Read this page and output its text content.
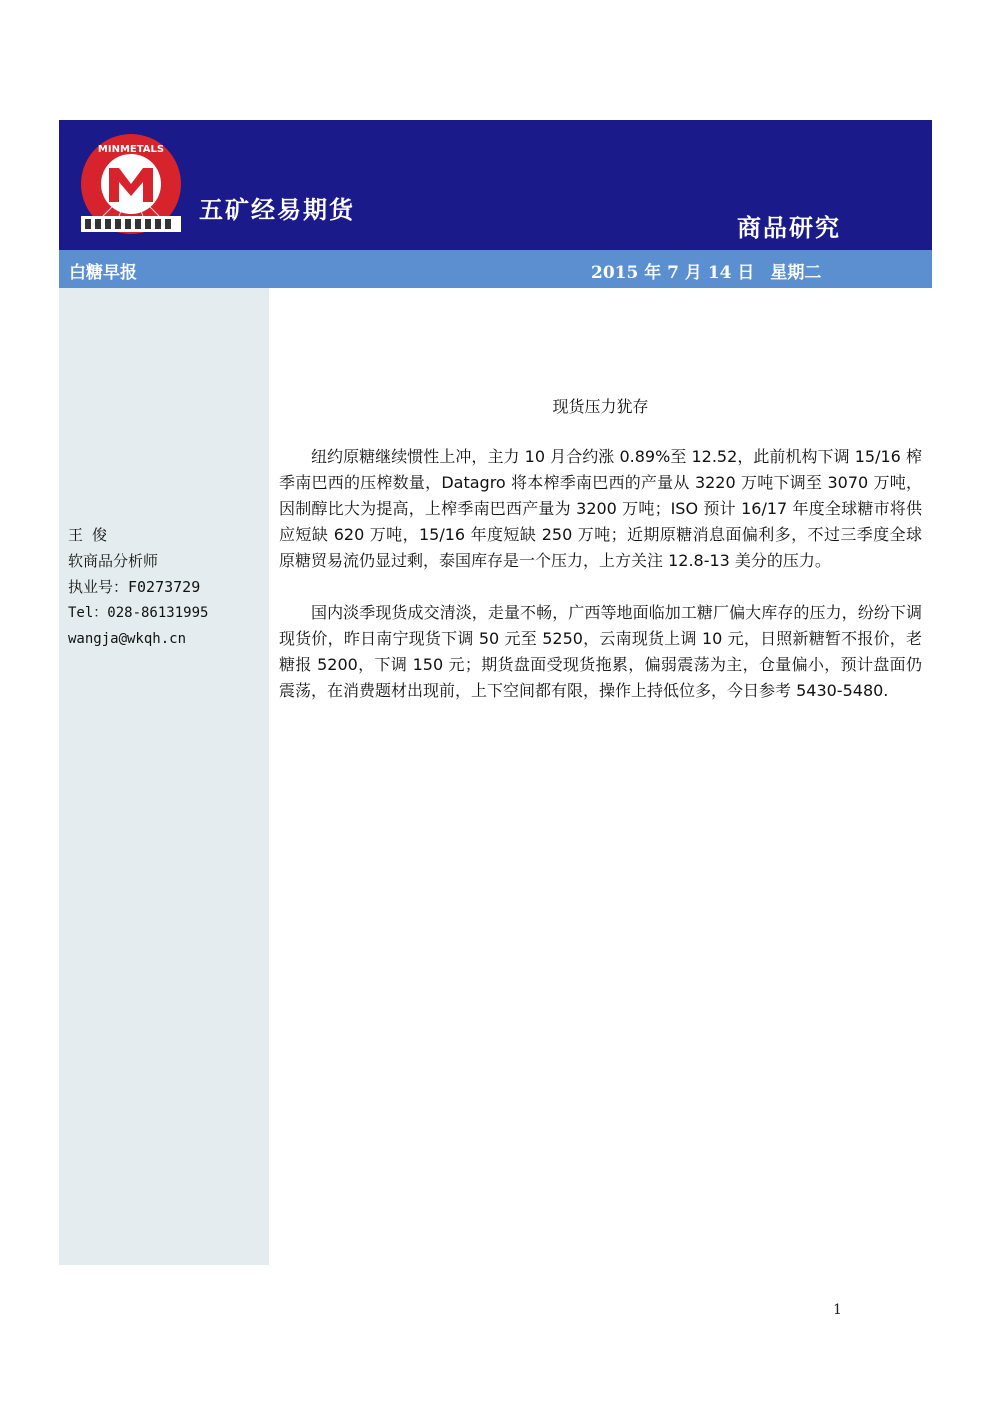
MINMETALS
五矿经易期货
商品研究
白糖早报	2015 年 7 月 14 日 星期二
王 俊
软商品分析师
执业号：F0273729
Tel：028-86131995
wangja@wkqh.cn
现货压力犹存

纽约原糖继续惯性上冲，主力 10 月合约涨 0.89%至 12.52，此前机构下调 15/16 榨季南巴西的压榨数量，Datagro 将本榨季南巴西的产量从 3220 万吨下调至 3070 万吨，因制醇比大为提高，上榨季南巴西产量为 3200 万吨；ISO 预计 16/17 年度全球糖市将供应短缺 620 万吨，15/16 年度短缺 250 万吨；近期原糖消息面偏利多，不过三季度全球原糖贸易流仍显过剩，泰国库存是一个压力，上方关注 12.8-13 美分的压力。

国内淡季现货成交清淡，走量不畅，广西等地面临加工糖厂偏大库存的压力，纷纷下调现货价，昨日南宁现货下调 50 元至 5250，云南现货上调 10 元，日照新糖暂不报价，老糖报 5200，下调 150 元；期货盘面受现货拖累，偏弱震荡为主，仓量偏小，预计盘面仍震荡，在消费题材出现前，上下空间都有限，操作上持低位多，今日参考 5430-5480.

1
